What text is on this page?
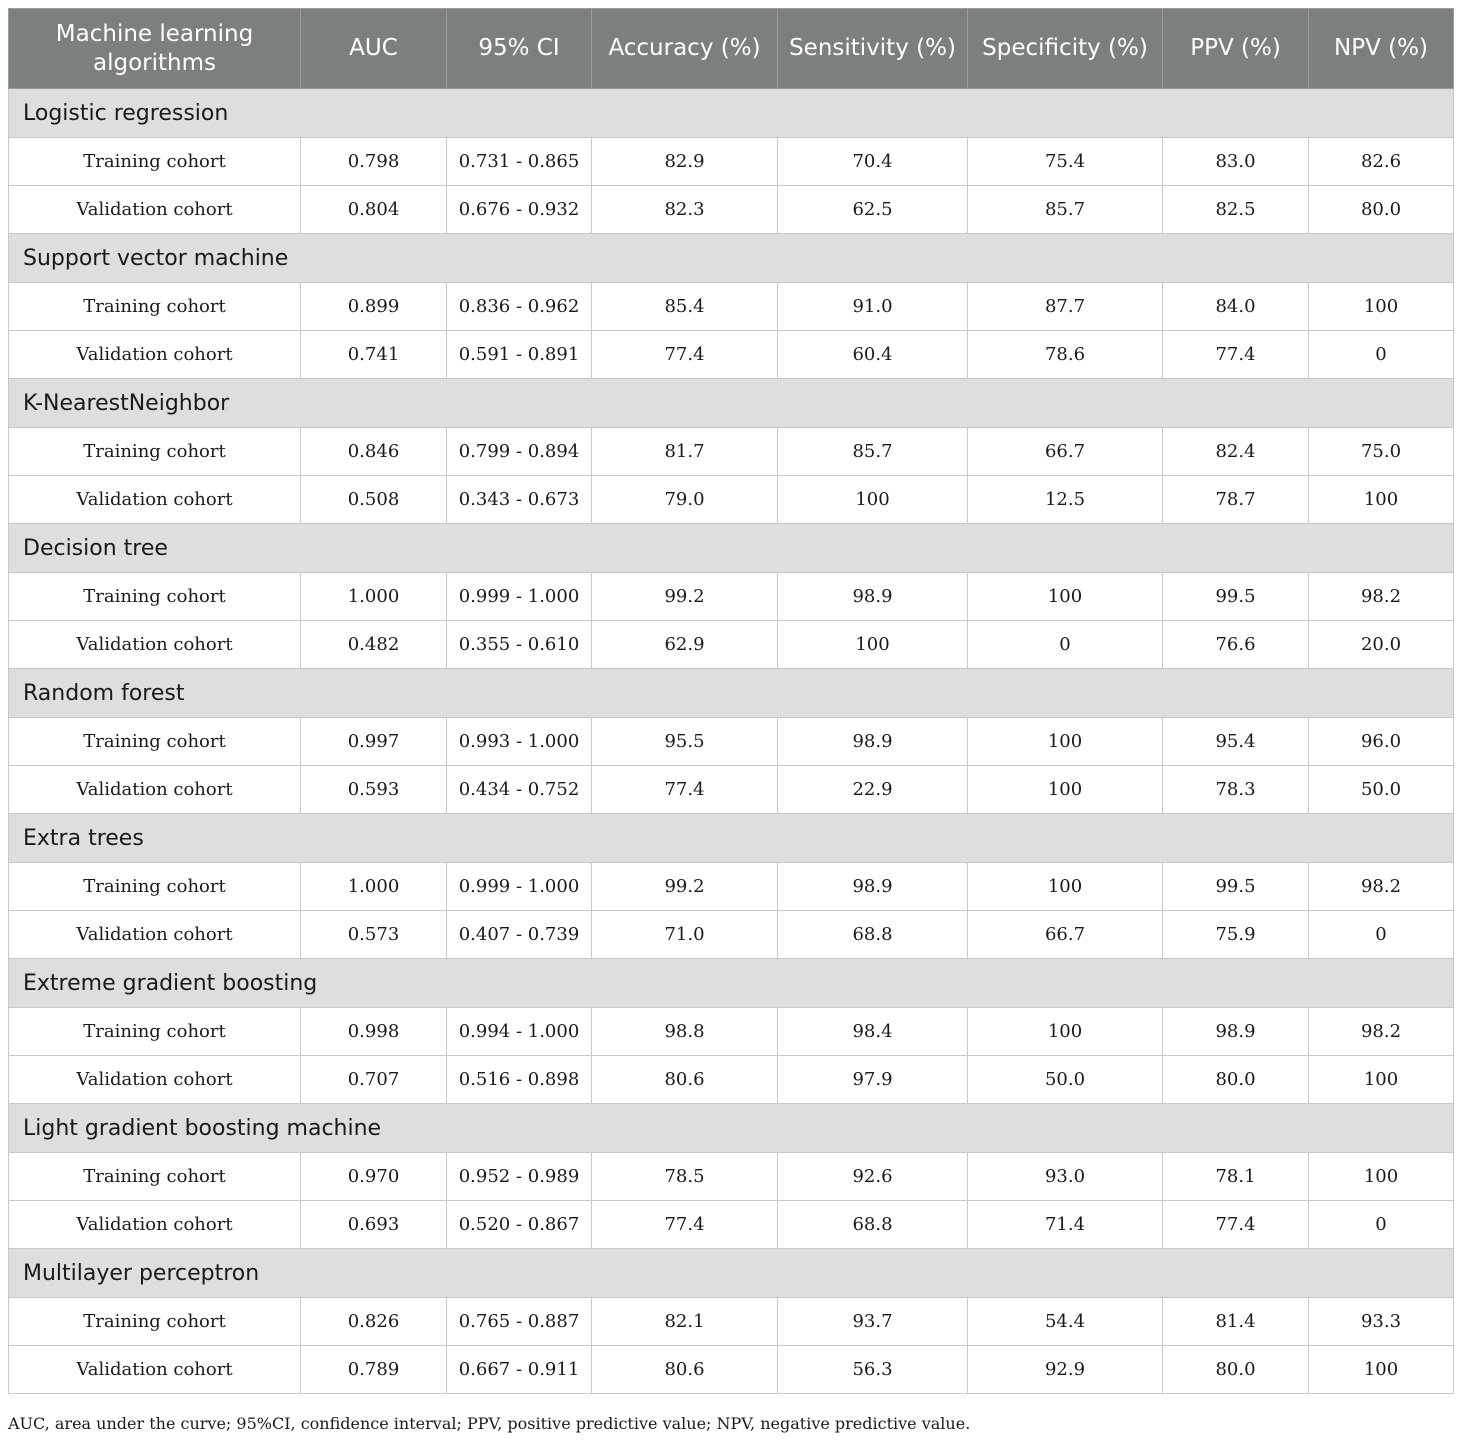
Machine learning algorithms	AUC	95% CI	Accuracy (%)	Sensitivity (%)	Specificity (%)	PPV (%)	NPV (%)
Logistic regression							
Training cohort	0.798	0.731 - 0.865	82.9	70.4	75.4	83.0	82.6
Validation cohort	0.804	0.676 - 0.932	82.3	62.5	85.7	82.5	80.0
Support vector machine							
Training cohort	0.899	0.836 - 0.962	85.4	91.0	87.7	84.0	100
Validation cohort	0.741	0.591 - 0.891	77.4	60.4	78.6	77.4	0
K-NearestNeighbor							
Training cohort	0.846	0.799 - 0.894	81.7	85.7	66.7	82.4	75.0
Validation cohort	0.508	0.343 - 0.673	79.0	100	12.5	78.7	100
Decision tree							
Training cohort	1.000	0.999 - 1.000	99.2	98.9	100	99.5	98.2
Validation cohort	0.482	0.355 - 0.610	62.9	100	0	76.6	20.0
Random forest							
Training cohort	0.997	0.993 - 1.000	95.5	98.9	100	95.4	96.0
Validation cohort	0.593	0.434 - 0.752	77.4	22.9	100	78.3	50.0
Extra trees							
Training cohort	1.000	0.999 - 1.000	99.2	98.9	100	99.5	98.2
Validation cohort	0.573	0.407 - 0.739	71.0	68.8	66.7	75.9	0
Extreme gradient boosting							
Training cohort	0.998	0.994 - 1.000	98.8	98.4	100	98.9	98.2
Validation cohort	0.707	0.516 - 0.898	80.6	97.9	50.0	80.0	100
Light gradient boosting machine							
Training cohort	0.970	0.952 - 0.989	78.5	92.6	93.0	78.1	100
Validation cohort	0.693	0.520 - 0.867	77.4	68.8	71.4	77.4	0
Multilayer perceptron							
Training cohort	0.826	0.765 - 0.887	82.1	93.7	54.4	81.4	93.3
Validation cohort	0.789	0.667 - 0.911	80.6	56.3	92.9	80.0	100
AUC, area under the curve; 95%CI, confidence interval; PPV, positive predictive value; NPV, negative predictive value.
